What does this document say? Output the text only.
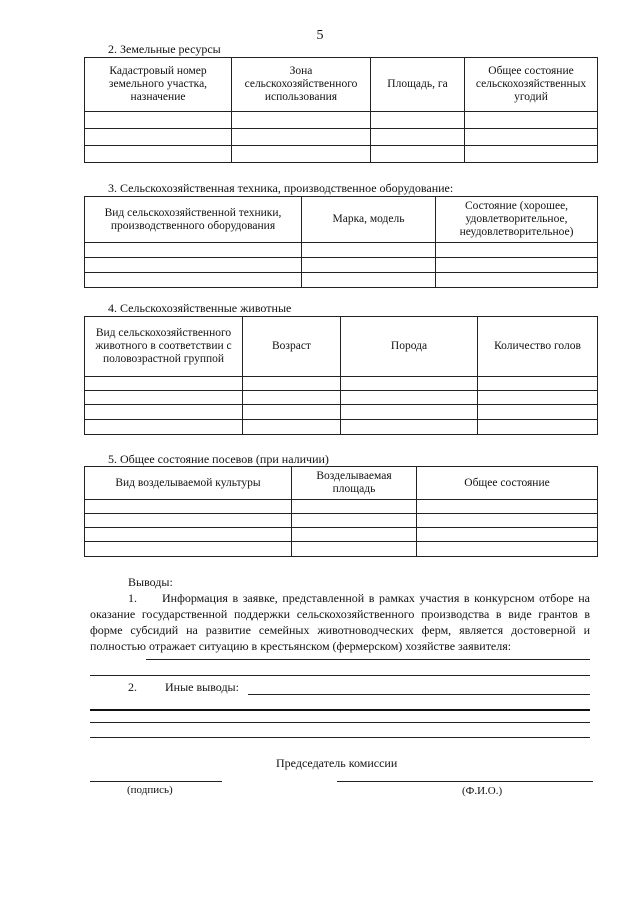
5
2. Земельные ресурсы
Кадастровый номер земельного участка, назначение	Зона сельскохозяйственного использования	Площадь, га	Общее состояние сельскохозяйственных угодий

3. Сельскохозяйственная техника, производственное оборудование:
Вид сельскохозяйственной техники, производственного оборудования	Марка, модель	Состояние (хорошее, удовлетворительное, неудовлетворительное)

4. Сельскохозяйственные животные
Вид сельскохозяйственного животного в соответствии с половозрастной группой	Возраст	Порода	Количество голов

5. Общее состояние посевов (при наличии)
Вид возделываемой культуры	Возделываемая площадь	Общее состояние

Выводы:
1.	Информация в заявке, представленной в рамках участия в конкурсном отборе на оказание государственной поддержки сельскохозяйственного производства в виде грантов в форме субсидий на развитие семейных животноводческих ферм, является достоверной и полностью отражает ситуацию в крестьянском (фермерском) хозяйстве заявителя:
2. Иные выводы:
Председатель комиссии
(подпись)	(Ф.И.О.)
